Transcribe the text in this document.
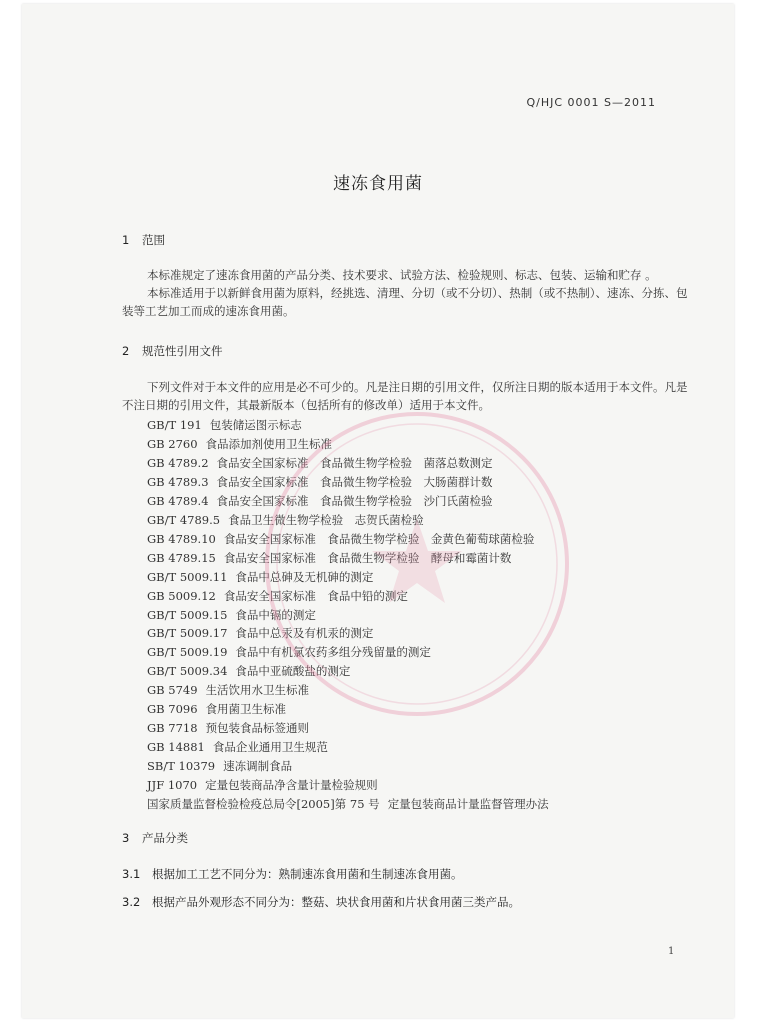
Q/HJC 0001 S—2011
速冻食用菌
1 范围

本标准规定了速冻食用菌的产品分类、技术要求、试验方法、检验规则、标志、包装、运输和贮存 。

本标准适用于以新鲜食用菌为原料，经挑选、清理、分切（或不分切）、热制（或不热制）、速冻、分拣、包装等工艺加工而成的速冻食用菌。

2 规范性引用文件

下列文件对于本文件的应用是必不可少的。凡是注日期的引用文件，仅所注日期的版本适用于本文件。凡是不注日期的引用文件，其最新版本（包括所有的修改单）适用于本文件。

GB/T 191 包装储运图示标志
GB 2760 食品添加剂使用卫生标准
GB 4789.2 食品安全国家标准　食品微生物学检验　菌落总数测定
GB 4789.3 食品安全国家标准　食品微生物学检验　大肠菌群计数
GB 4789.4 食品安全国家标准　食品微生物学检验　沙门氏菌检验
GB/T 4789.5 食品卫生微生物学检验　志贺氏菌检验
GB 4789.10 食品安全国家标准　食品微生物学检验　金黄色葡萄球菌检验
GB 4789.15 食品安全国家标准　食品微生物学检验　酵母和霉菌计数
GB/T 5009.11 食品中总砷及无机砷的测定
GB 5009.12 食品安全国家标准　食品中铅的测定
GB/T 5009.15 食品中镉的测定
GB/T 5009.17 食品中总汞及有机汞的测定
GB/T 5009.19 食品中有机氯农药多组分残留量的测定
GB/T 5009.34 食品中亚硫酸盐的测定
GB 5749 生活饮用水卫生标准
GB 7096 食用菌卫生标准
GB 7718 预包装食品标签通则
GB 14881 食品企业通用卫生规范
SB/T 10379 速冻调制食品
JJF 1070 定量包装商品净含量计量检验规则
国家质量监督检验检疫总局令[2005]第 75 号 定量包装商品计量监督管理办法
3 产品分类
3.1 根据加工工艺不同分为：熟制速冻食用菌和生制速冻食用菌。
3.2 根据产品外观形态不同分为：整菇、块状食用菌和片状食用菌三类产品。
1
